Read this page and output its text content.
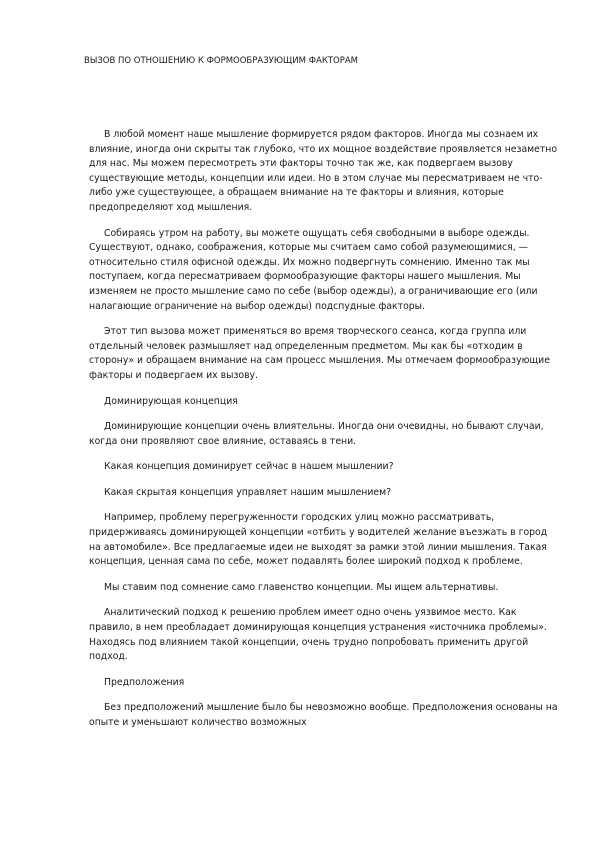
ВЫЗОВ ПО ОТНОШЕНИЮ К ФОРМООБРАЗУЮЩИМ ФАКТОРАМ

В любой момент наше мышление формируется рядом факторов. Иногда мы сознаем их влияние, иногда они скрыты так глубоко, что их мощное воздействие проявляется незаметно для нас. Мы можем пересмотреть эти факторы точно так же, как подвергаем вызову существующие методы, концепции или идеи. Но в этом случае мы пересматриваем не что-либо уже существующее, а обращаем внимание на те факторы и влияния, которые предопределяют ход мышления.

Собираясь утром на работу, вы можете ощущать себя свободными в выборе одежды. Существуют, однако, соображения, которые мы считаем само собой разумеющимися, — относительно стиля офисной одежды. Их можно подвергнуть сомнению. Именно так мы поступаем, когда пересматриваем формообразующие факторы нашего мышления. Мы изменяем не просто мышление само по себе (выбор одежды), а ограничивающие его (или налагающие ограничение на выбор одежды) подспудные факторы.

Этот тип вызова может применяться во время творческого сеанса, когда группа или отдельный человек размышляет над определенным предметом. Мы как бы «отходим в сторону» и обращаем внимание на сам процесс мышления. Мы отмечаем формообразующие факторы и подвергаем их вызову.

Доминирующая концепция

Доминирующие концепции очень влиятельны. Иногда они очевидны, но бывают случаи, когда они проявляют свое влияние, оставаясь в тени.

Какая концепция доминирует сейчас в нашем мышлении?

Какая скрытая концепция управляет нашим мышлением?

Например, проблему перегруженности городских улиц можно рассматривать, придерживаясь доминирующей концепции «отбить у водителей желание въезжать в город на автомобиле». Все предлагаемые идеи не выходят за рамки этой линии мышления. Такая концепция, ценная сама по себе, может подавлять более широкий подход к проблеме.

Мы ставим под сомнение само главенство концепции. Мы ищем альтернативы.

Аналитический подход к решению проблем имеет одно очень уязвимое место. Как правило, в нем преобладает доминирующая концепция устранения «источника проблемы». Находясь под влиянием такой концепции, очень трудно попробовать применить другой подход.

Предположения

Без предположений мышление было бы невозможно вообще. Предположения основаны на опыте и уменьшают количество возможных
